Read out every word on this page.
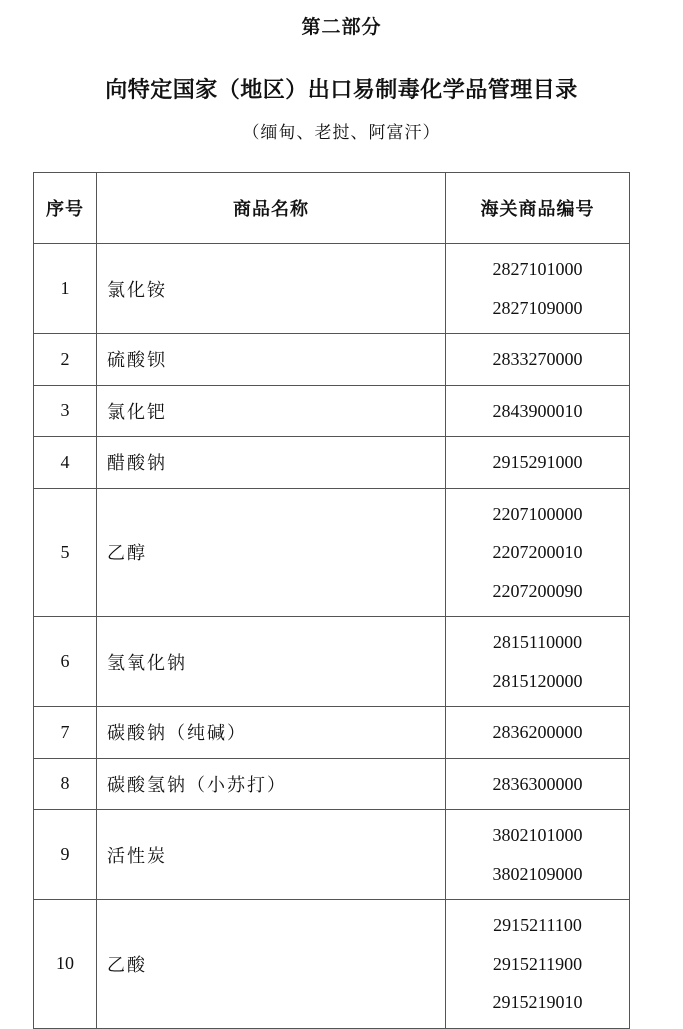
第二部分
向特定国家（地区）出口易制毒化学品管理目录
（缅甸、老挝、阿富汗）
序号	商品名称	海关商品编号
1	氯化铵	2827101000
2827109000

2	硫酸钡	2833270000

3	氯化钯	2843900010

4	醋酸钠	2915291000

5	乙醇	2207100000
2207200010
2207200090

6	氢氧化钠	2815110000
2815120000

7	碳酸钠（纯碱）	2836200000

8	碳酸氢钠（小苏打）	2836300000

9	活性炭	3802101000
3802109000

10	乙酸	2915211100
2915211900
2915219010
